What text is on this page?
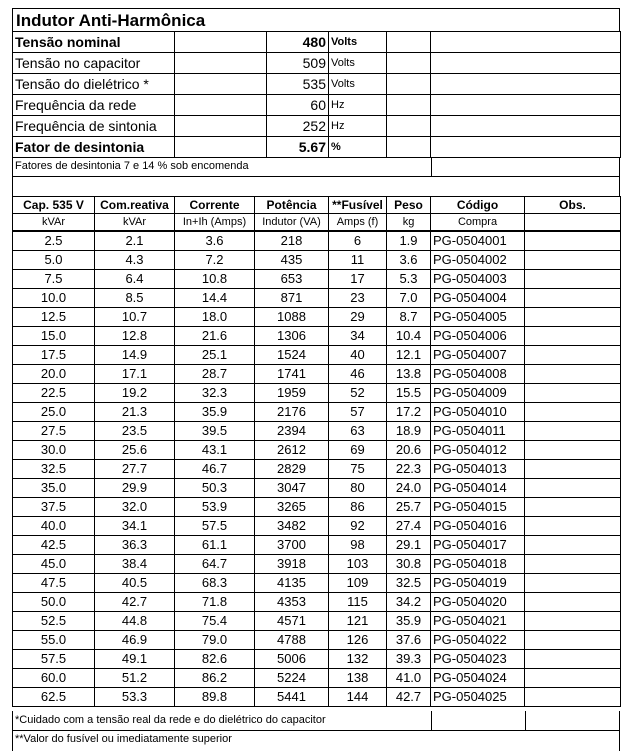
Indutor Anti-Harmônica
Tensão nominal		480	Volts		
Tensão no capacitor		509	Volts		
Tensão do dielétrico *		535	Volts		
Frequência da rede		60	Hz		
Frequência de sintonia		252	Hz		
Fator de desintonia		5.67	%		
Fatores de desintonia 7 e 14 % sob encomenda
Cap. 535 V	Com.reativa	Corrente	Potência	**Fusível	Peso	Código	Obs.
kVAr	kVAr	In+Ih (Amps)	Indutor (VA)	Amps (f)	kg	Compra	
2.5	2.1	3.6	218	6	1.9	PG-0504001	
5.0	4.3	7.2	435	11	3.6	PG-0504002	
7.5	6.4	10.8	653	17	5.3	PG-0504003	
10.0	8.5	14.4	871	23	7.0	PG-0504004	
12.5	10.7	18.0	1088	29	8.7	PG-0504005	
15.0	12.8	21.6	1306	34	10.4	PG-0504006	
17.5	14.9	25.1	1524	40	12.1	PG-0504007	
20.0	17.1	28.7	1741	46	13.8	PG-0504008	
22.5	19.2	32.3	1959	52	15.5	PG-0504009	
25.0	21.3	35.9	2176	57	17.2	PG-0504010	
27.5	23.5	39.5	2394	63	18.9	PG-0504011	
30.0	25.6	43.1	2612	69	20.6	PG-0504012	
32.5	27.7	46.7	2829	75	22.3	PG-0504013	
35.0	29.9	50.3	3047	80	24.0	PG-0504014	
37.5	32.0	53.9	3265	86	25.7	PG-0504015	
40.0	34.1	57.5	3482	92	27.4	PG-0504016	
42.5	36.3	61.1	3700	98	29.1	PG-0504017	
45.0	38.4	64.7	3918	103	30.8	PG-0504018	
47.5	40.5	68.3	4135	109	32.5	PG-0504019	
50.0	42.7	71.8	4353	115	34.2	PG-0504020	
52.5	44.8	75.4	4571	121	35.9	PG-0504021	
55.0	46.9	79.0	4788	126	37.6	PG-0504022	
57.5	49.1	82.6	5006	132	39.3	PG-0504023	
60.0	51.2	86.2	5224	138	41.0	PG-0504024	
62.5	53.3	89.8	5441	144	42.7	PG-0504025	
*Cuidado com a tensão real da rede e do dielétrico do capacitor
**Valor do fusível ou imediatamente superior
